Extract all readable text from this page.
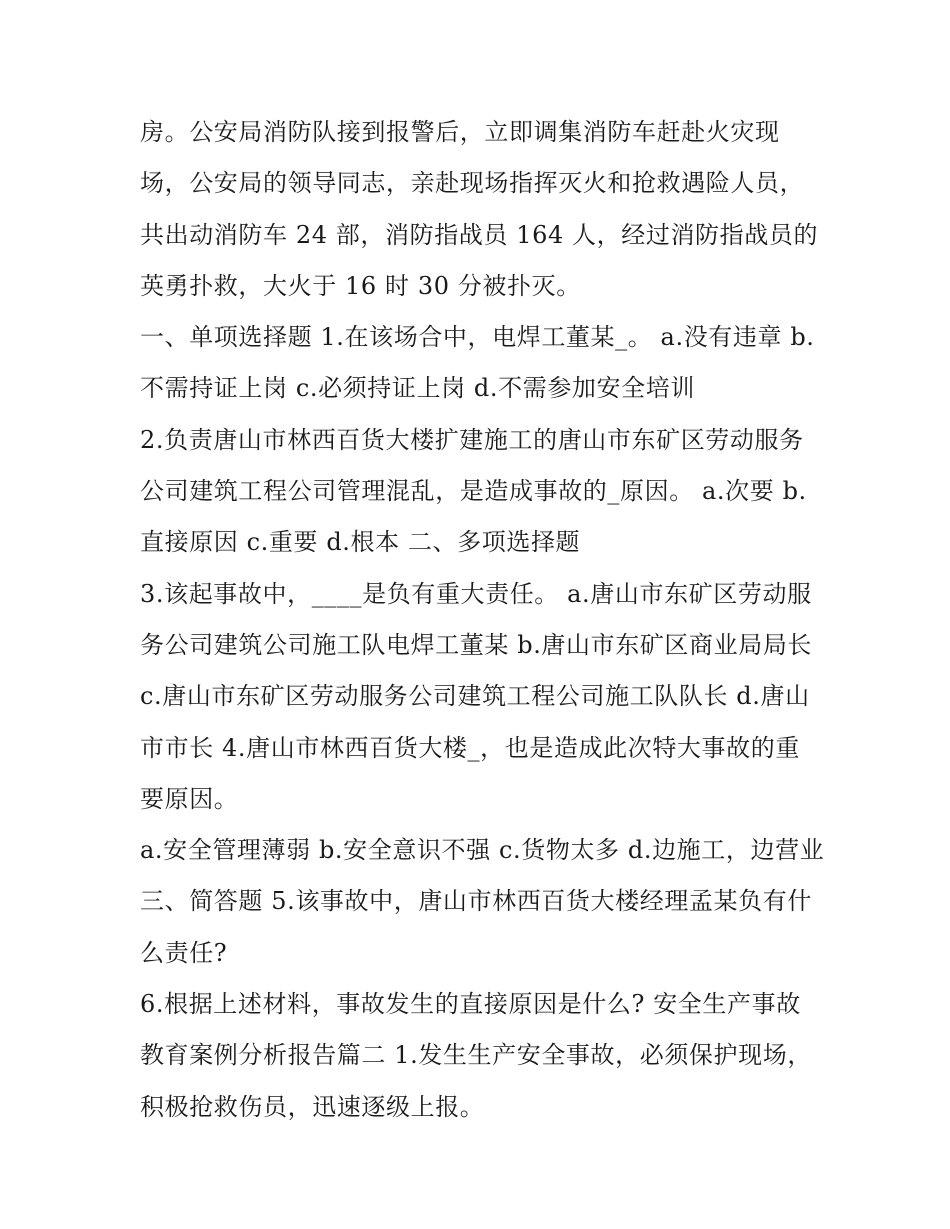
房。公安局消防队接到报警后，立即调集消防车赶赴火灾现
场，公安局的领导同志，亲赴现场指挥灭火和抢救遇险人员，
共出动消防车 24 部，消防指战员 164 人，经过消防指战员的
英勇扑救，大火于 16 时 30 分被扑灭。
一、单项选择题 1.在该场合中，电焊工董某_。 a.没有违章 b.
不需持证上岗 c.必须持证上岗 d.不需参加安全培训
2.负责唐山市林西百货大楼扩建施工的唐山市东矿区劳动服务
公司建筑工程公司管理混乱，是造成事故的_原因。 a.次要 b.
直接原因 c.重要 d.根本 二、多项选择题
3.该起事故中，____是负有重大责任。 a.唐山市东矿区劳动服
务公司建筑公司施工队电焊工董某 b.唐山市东矿区商业局局长
c.唐山市东矿区劳动服务公司建筑工程公司施工队队长 d.唐山
市市长 4.唐山市林西百货大楼_，也是造成此次特大事故的重
要原因。
a.安全管理薄弱 b.安全意识不强 c.货物太多 d.边施工，边营业
三、简答题 5.该事故中，唐山市林西百货大楼经理孟某负有什
么责任?
6.根据上述材料，事故发生的直接原因是什么? 安全生产事故
教育案例分析报告篇二 1.发生生产安全事故，必须保护现场，
积极抢救伤员，迅速逐级上报。
